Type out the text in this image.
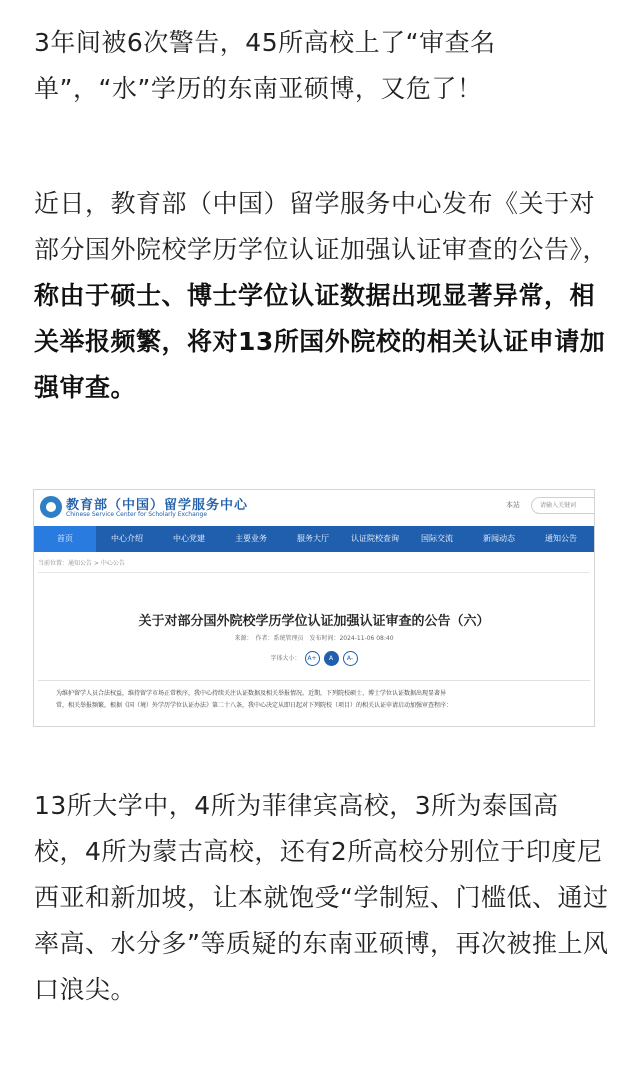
3年间被6次警告，45所高校上了“审查名单”，“水”学历的东南亚硕博，又危了！

近日，教育部（中国）留学服务中心发布《关于对部分国外院校学历学位认证加强认证审查的公告》，称由于硕士、博士学位认证数据出现显著异常，相关举报频繁，将对13所国外院校的相关认证申请加强审查。

教育部（中国）留学服务中心
Chinese Service Center for Scholarly Exchange
本站	请输入关键词
首页	中心介绍	中心党建	主要业务	服务大厅	认证院校查询	国际交流	新闻动态	通知公告
当前位置：通知公告 > 中心公告
关于对部分国外院校学历学位认证加强认证审查的公告（六）
来源：　作者：系统管理员　发布时间：2024-11-06 08:40
字体大小： A+ A A-
为维护留学人员合法权益，维持留学市场正常秩序，我中心持续关注认证数据及相关举报情况。近期，下列院校硕士、博士学位认证数据出现显著异
常，相关举报频繁，根据《国（境）外学历学位认证办法》第二十八条，我中心决定从即日起对下列院校（项目）的相关认证申请启动加强审查程序：

13所大学中，4所为菲律宾高校，3所为泰国高校，4所为蒙古高校，还有2所高校分别位于印度尼西亚和新加坡，让本就饱受“学制短、门槛低、通过率高、水分多”等质疑的东南亚硕博，再次被推上风口浪尖。
